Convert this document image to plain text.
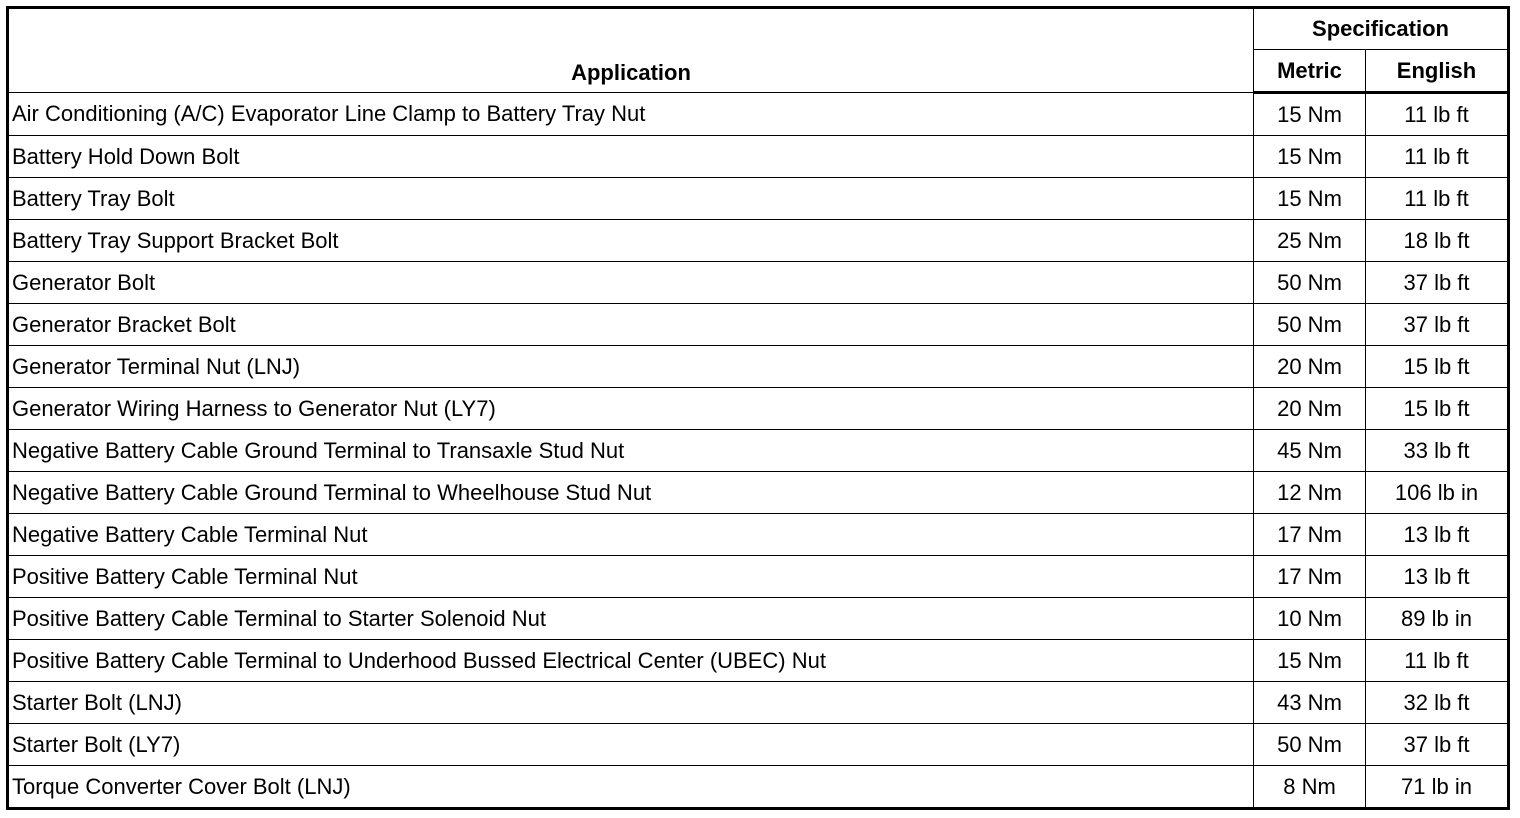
Application	Specification	
	Metric	English
Air Conditioning (A/C) Evaporator Line Clamp to Battery Tray Nut	15 Nm	11 lb ft
Battery Hold Down Bolt	15 Nm	11 lb ft
Battery Tray Bolt	15 Nm	11 lb ft
Battery Tray Support Bracket Bolt	25 Nm	18 lb ft
Generator Bolt	50 Nm	37 lb ft
Generator Bracket Bolt	50 Nm	37 lb ft
Generator Terminal Nut (LNJ)	20 Nm	15 lb ft
Generator Wiring Harness to Generator Nut (LY7)	20 Nm	15 lb ft
Negative Battery Cable Ground Terminal to Transaxle Stud Nut	45 Nm	33 lb ft
Negative Battery Cable Ground Terminal to Wheelhouse Stud Nut	12 Nm	106 lb in
Negative Battery Cable Terminal Nut	17 Nm	13 lb ft
Positive Battery Cable Terminal Nut	17 Nm	13 lb ft
Positive Battery Cable Terminal to Starter Solenoid Nut	10 Nm	89 lb in
Positive Battery Cable Terminal to Underhood Bussed Electrical Center (UBEC) Nut	15 Nm	11 lb ft
Starter Bolt (LNJ)	43 Nm	32 lb ft
Starter Bolt (LY7)	50 Nm	37 lb ft
Torque Converter Cover Bolt (LNJ)	8 Nm	71 lb in
